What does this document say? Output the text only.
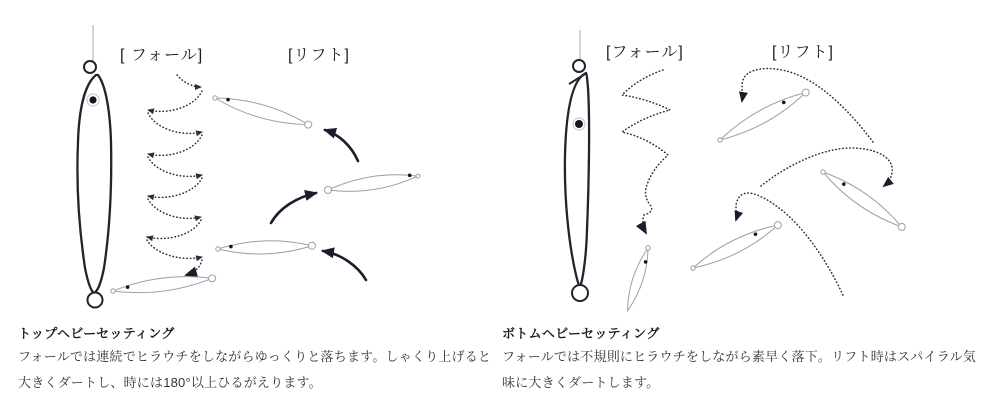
[ フォール]	[リフト]	[フォール]	[リフト]
トップヘビーセッティング
フォールでは連続でヒラウチをしながらゆっくりと落ちます。しゃくり上げると
大きくダートし、時には180°以上ひるがえります。
ボトムヘビーセッティング
フォールでは不規則にヒラウチをしながら素早く落下。リフト時はスパイラル気
味に大きくダートします。
